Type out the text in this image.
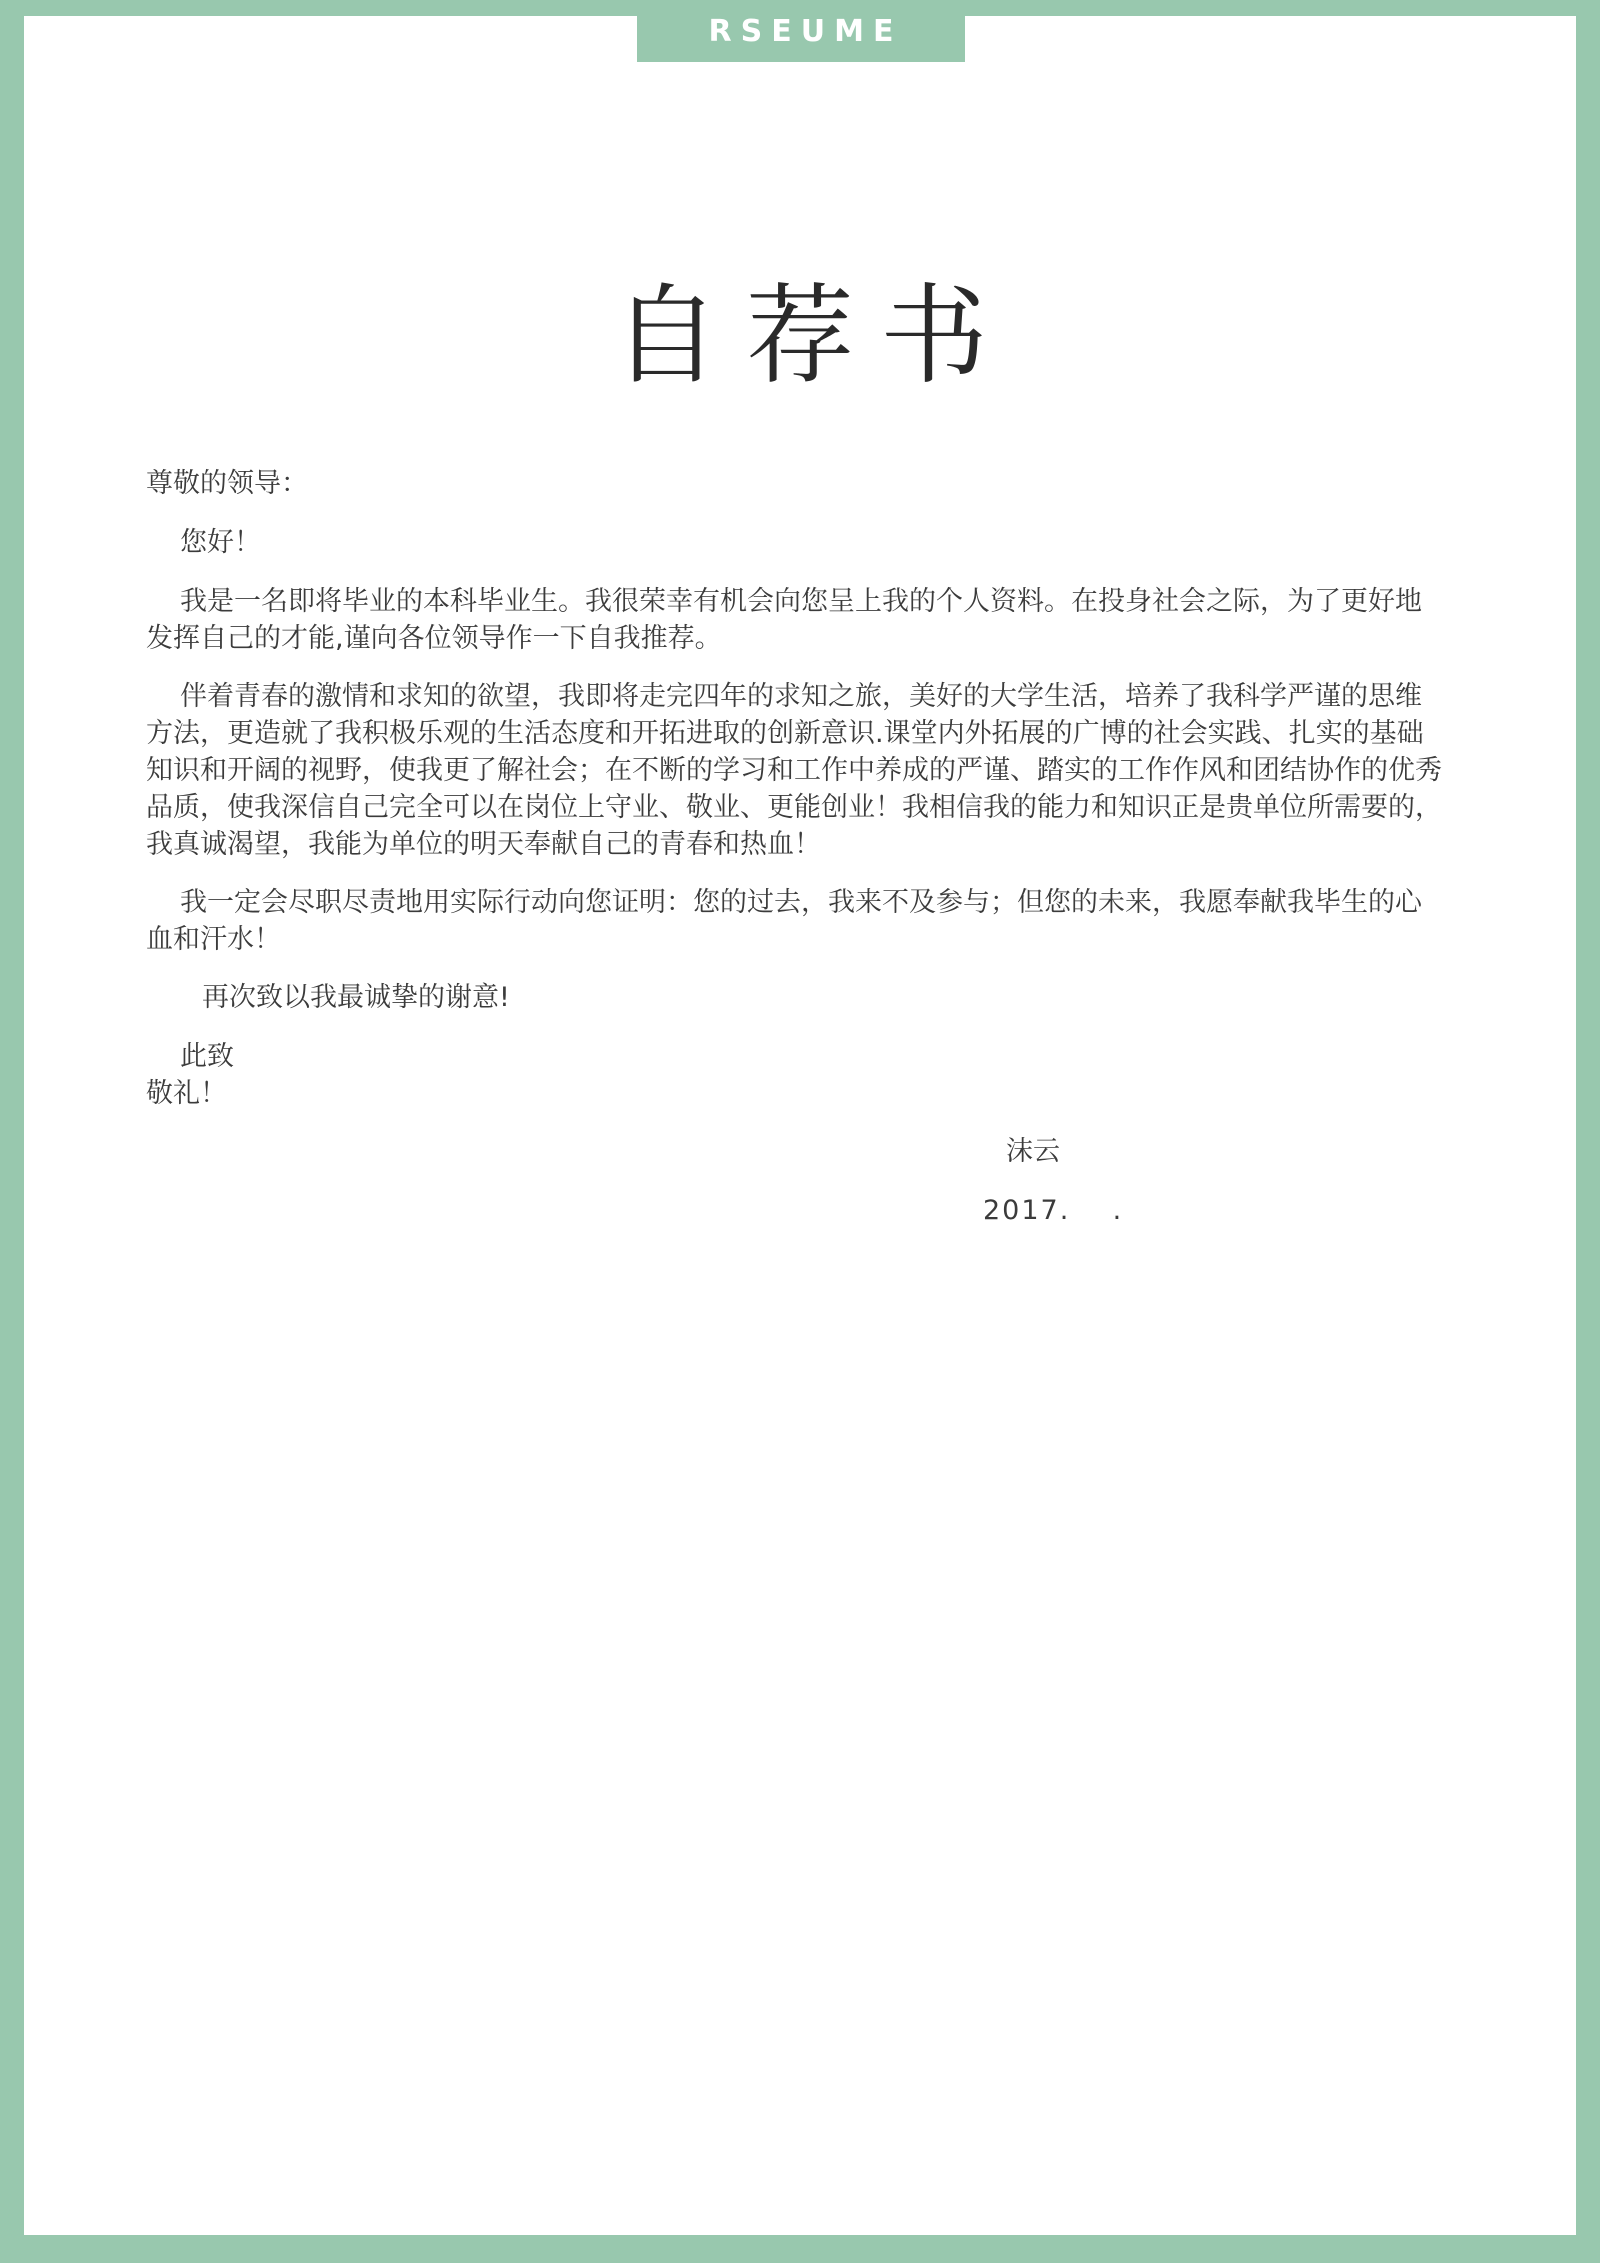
RSEUME
自荐书

尊敬的领导：

您好！

我是一名即将毕业的本科毕业生。我很荣幸有机会向您呈上我的个人资料。在投身社会之际，为了更好地发挥自己的才能,谨向各位领导作一下自我推荐。

伴着青春的激情和求知的欲望，我即将走完四年的求知之旅，美好的大学生活，培养了我科学严谨的思维方法，更造就了我积极乐观的生活态度和开拓进取的创新意识.课堂内外拓展的广博的社会实践、扎实的基础知识和开阔的视野，使我更了解社会；在不断的学习和工作中养成的严谨、踏实的工作作风和团结协作的优秀品质，使我深信自己完全可以在岗位上守业、敬业、更能创业！我相信我的能力和知识正是贵单位所需要的，我真诚渴望，我能为单位的明天奉献自己的青春和热血！

我一定会尽职尽责地用实际行动向您证明：您的过去，我来不及参与；但您的未来，我愿奉献我毕生的心血和汗水！

再次致以我最诚挚的谢意!

此致

敬礼！

沫云
2017.    .
